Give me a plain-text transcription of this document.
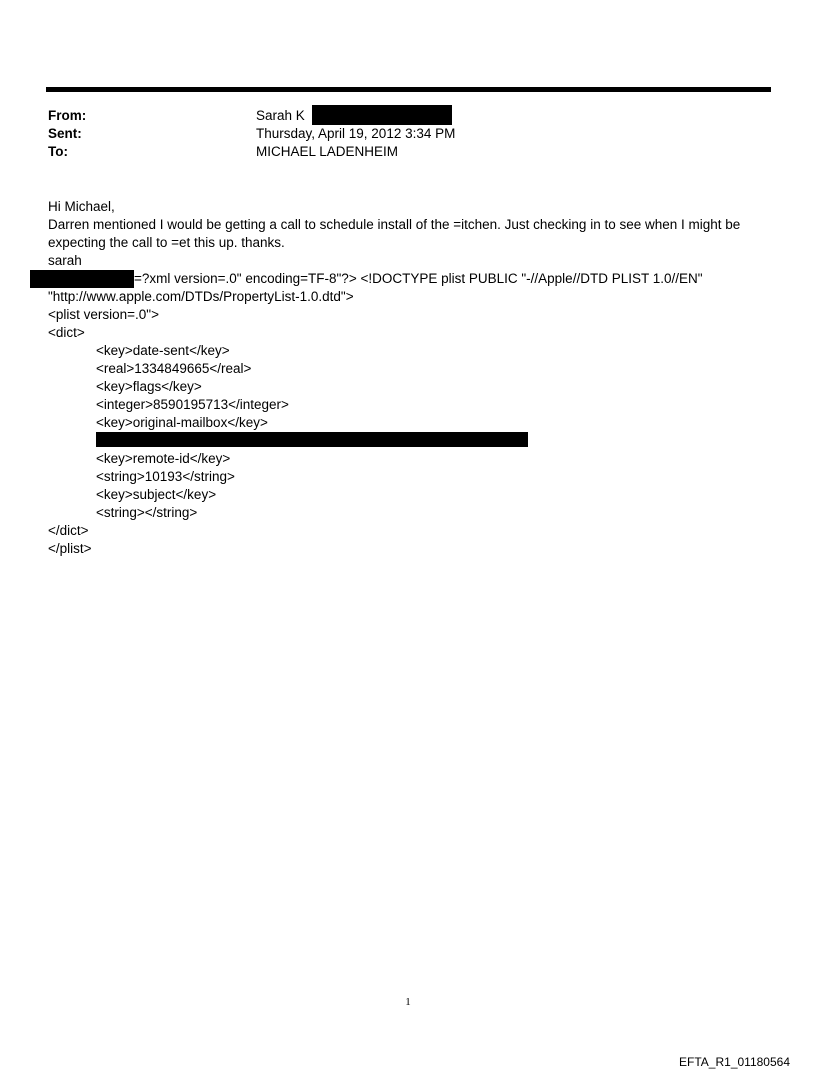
From:	Sarah K
Sent:	Thursday, April 19, 2012 3:34 PM
To:	MICHAEL LADENHEIM
Hi Michael,
Darren mentioned I would be getting a call to schedule install of the =itchen. Just checking in to see when I might be
expecting the call to =et this up. thanks.
sarah
=?xml version=.0" encoding=TF-8"?> <!DOCTYPE plist PUBLIC "-//Apple//DTD PLIST 1.0//EN"
"http://www.apple.com/DTDs/PropertyList-1.0.dtd">
<plist version=.0">
<dict>
<key>date-sent</key>
<real>1334849665</real>
<key>flags</key>
<integer>8590195713</integer>
<key>original-mailbox</key>
<key>remote-id</key>
<string>10193</string>
<key>subject</key>
<string></string>
</dict>
</plist>
1
EFTA_R1_01180564
